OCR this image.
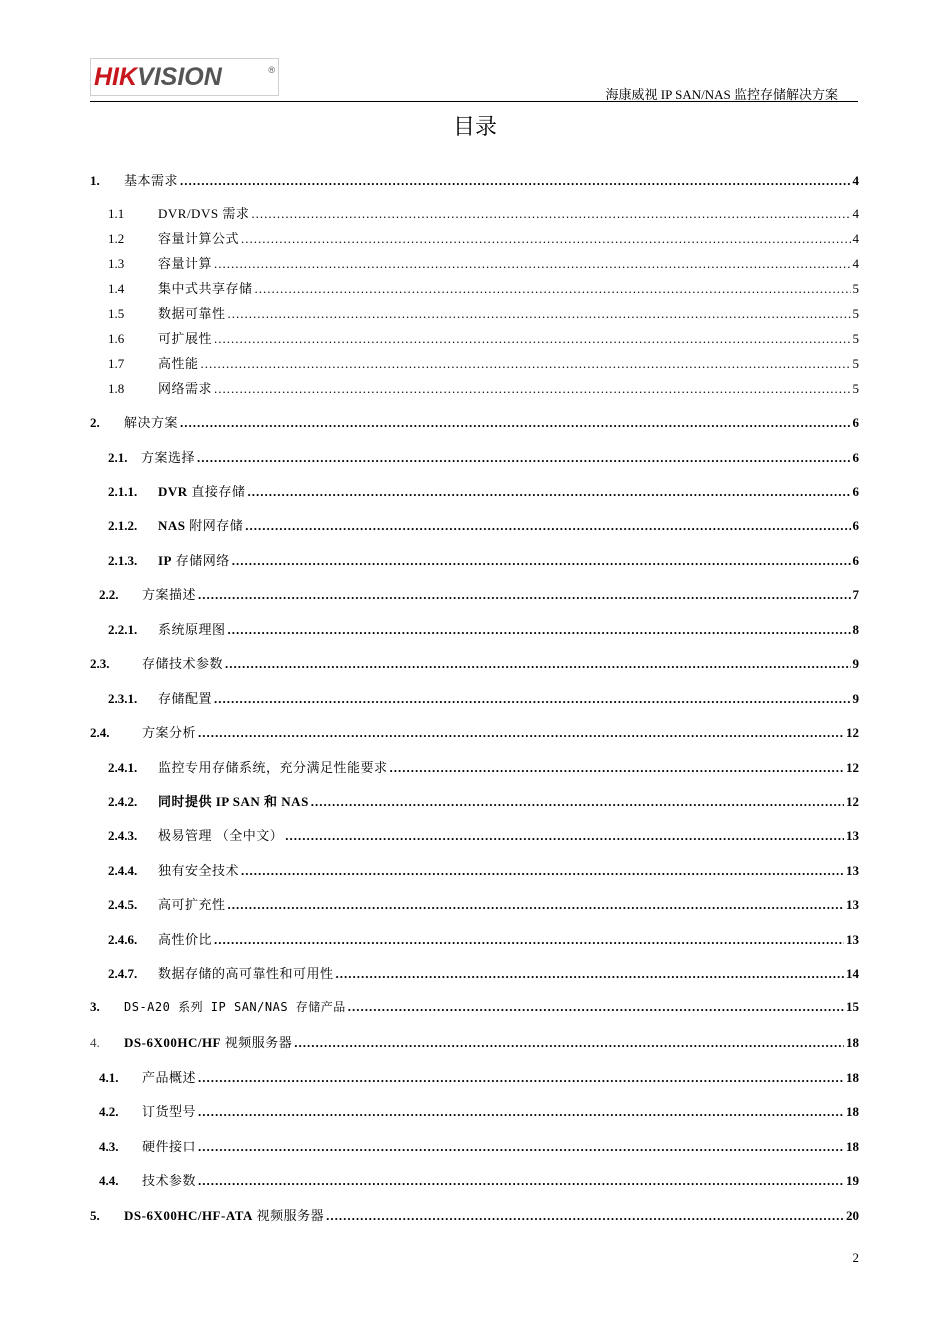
HIKVISION	®
海康威视 IP SAN/NAS 监控存储解决方案
目录
1.	基本需求 .....	4
1.1	DVR/DVS 需求 .....	4
1.2	容量计算公式 .....	4
1.3	容量计算 .....	4
1.4	集中式共享存储 .....	5
1.5	数据可靠性 .....	5
1.6	可扩展性 .....	5
1.7	高性能 .....	5
1.8	网络需求 .....	5
2.	解决方案 .....	6
2.1.	方案选择 .....	6
2.1.1.	DVR 直接存储 .....	6
2.1.2.	NAS 附网存储 .....	6
2.1.3.	IP 存储网络 .....	6
2.2.	方案描述 .....	7
2.2.1.	系统原理图 .....	8
2.3.	存储技术参数 .....	9
2.3.1.	存储配置 .....	9
2.4.	方案分析 .....	12
2.4.1.	监控专用存储系统，充分满足性能要求 .....	12
2.4.2.	同时提供 IP SAN 和 NAS .....	12
2.4.3.	极易管理 （全中文） .....	13
2.4.4.	独有安全技术 .....	13
2.4.5.	高可扩充性 .....	13
2.4.6.	高性价比 .....	13
2.4.7.	数据存储的高可靠性和可用性 .....	14
3.	DS-A20 系列 IP SAN/NAS 存储产品 .....	15
4.	DS-6X00HC/HF 视频服务器 .....	18
4.1.	产品概述 .....	18
4.2.	订货型号 .....	18
4.3.	硬件接口 .....	18
4.4.	技术参数 .....	19
5.	DS-6X00HC/HF-ATA 视频服务器 .....	20
2
